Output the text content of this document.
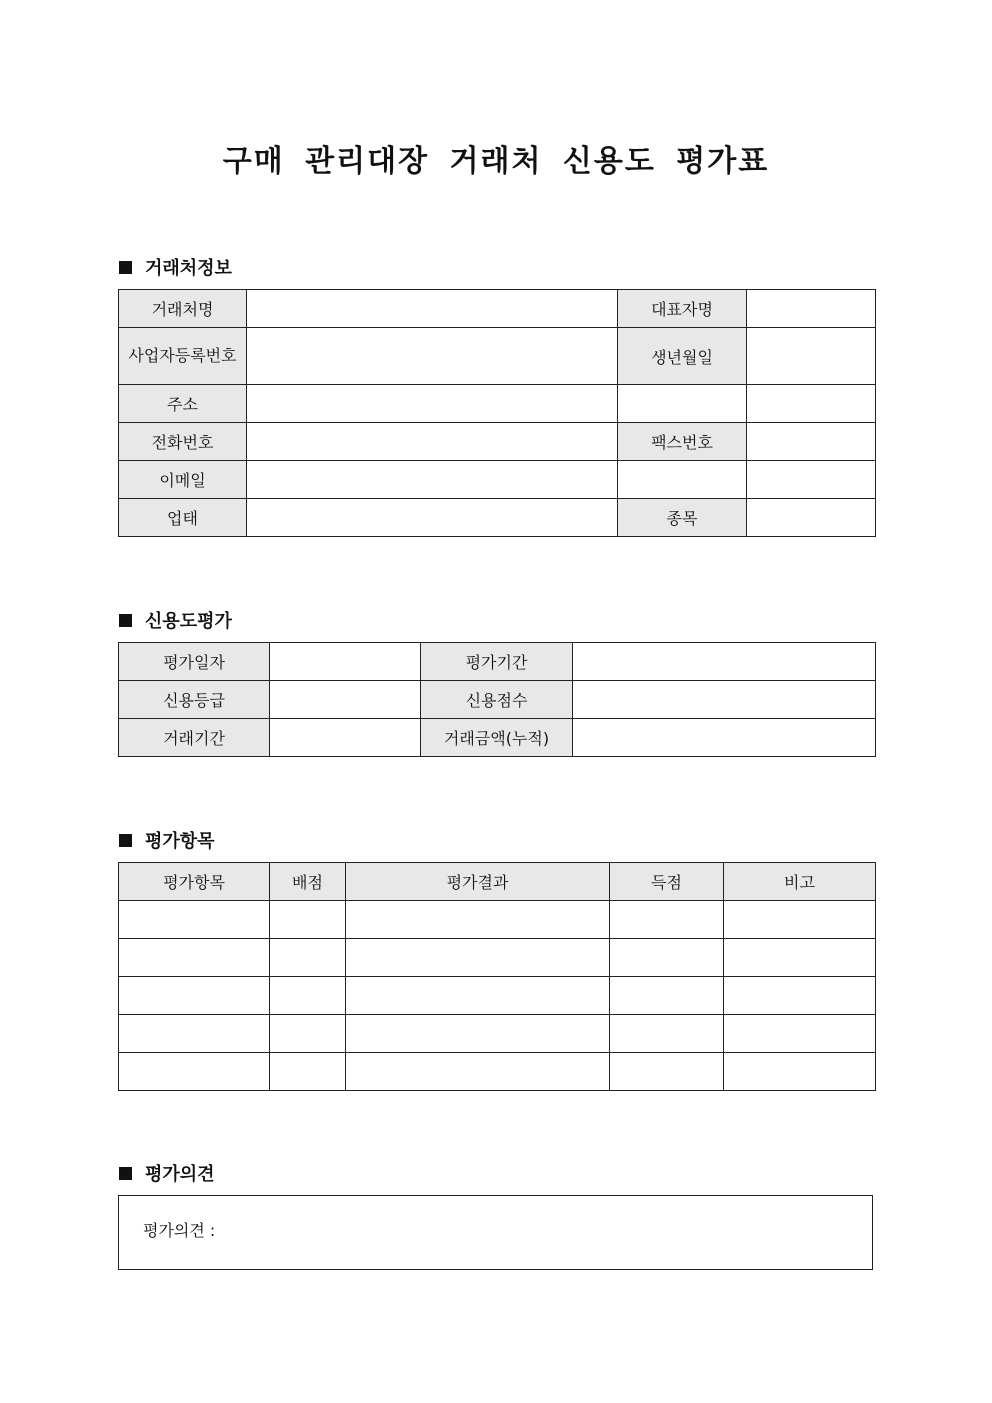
구매 관리대장 거래처 신용도 평가표
거래처정보
거래처명		대표자명	
사업자등록번호		생년월일	
주소			
전화번호		팩스번호	
이메일			
업태		종목	
신용도평가
평가일자		평가기간	
신용등급		신용점수	
거래기간		거래금액(누적)	
평가항목
평가항목	배점	평가결과	득점	비고

평가의견
평가의견 :
